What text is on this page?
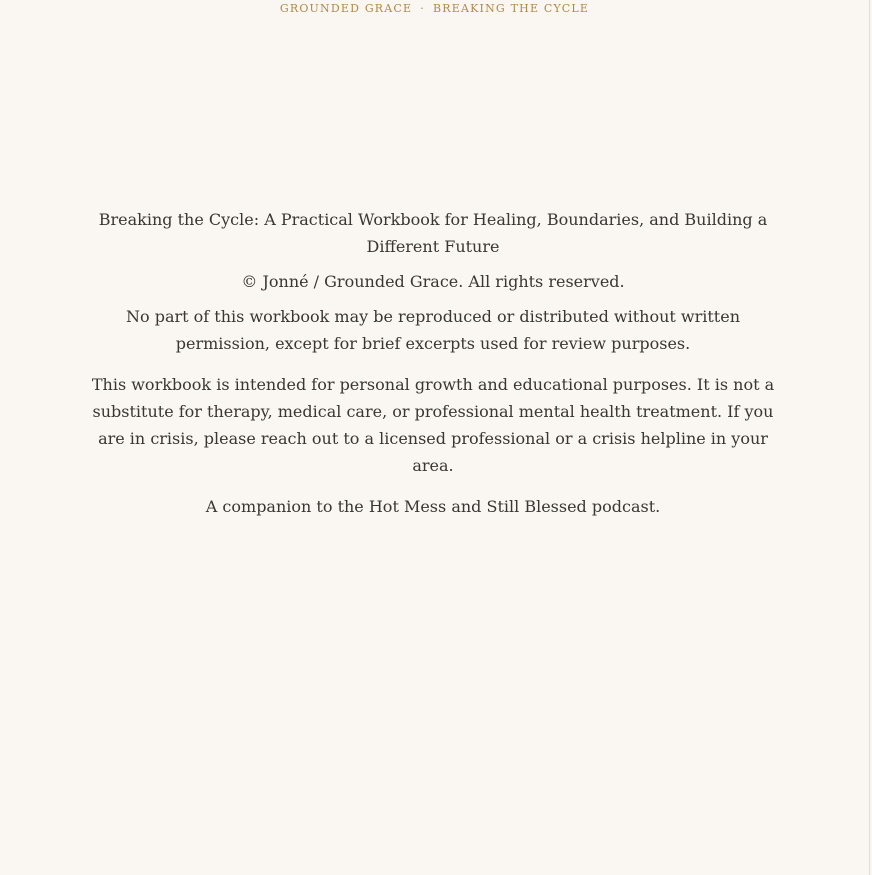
GROUNDED GRACE · BREAKING THE CYCLE

Breaking the Cycle: A Practical Workbook for Healing, Boundaries, and Building a Different Future

© Jonné / Grounded Grace. All rights reserved.

No part of this workbook may be reproduced or distributed without written permission, except for brief excerpts used for review purposes.

This workbook is intended for personal growth and educational purposes. It is not a substitute for therapy, medical care, or professional mental health treatment. If you are in crisis, please reach out to a licensed professional or a crisis helpline in your area.

A companion to the Hot Mess and Still Blessed podcast.
